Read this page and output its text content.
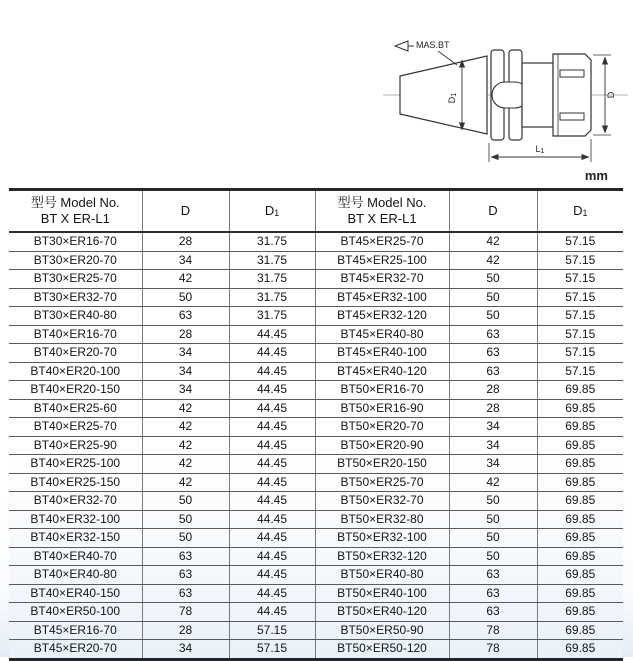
MAS.BT
D1	D
L1
mm
型号 Model No.
BT X ER-L1	D	D1	型号 Model No.
BT X ER-L1	D	D1
BT30×ER16-70	28	31.75	BT45×ER25-70	42	57.15
BT30×ER20-70	34	31.75	BT45×ER25-100	42	57.15
BT30×ER25-70	42	31.75	BT45×ER32-70	50	57.15
BT30×ER32-70	50	31.75	BT45×ER32-100	50	57.15
BT30×ER40-80	63	31.75	BT45×ER32-120	50	57.15
BT40×ER16-70	28	44.45	BT45×ER40-80	63	57.15
BT40×ER20-70	34	44.45	BT45×ER40-100	63	57.15
BT40×ER20-100	34	44.45	BT45×ER40-120	63	57.15
BT40×ER20-150	34	44.45	BT50×ER16-70	28	69.85
BT40×ER25-60	42	44.45	BT50×ER16-90	28	69.85
BT40×ER25-70	42	44.45	BT50×ER20-70	34	69.85
BT40×ER25-90	42	44.45	BT50×ER20-90	34	69.85
BT40×ER25-100	42	44.45	BT50×ER20-150	34	69.85
BT40×ER25-150	42	44.45	BT50×ER25-70	42	69.85
BT40×ER32-70	50	44.45	BT50×ER32-70	50	69.85
BT40×ER32-100	50	44.45	BT50×ER32-80	50	69.85
BT40×ER32-150	50	44.45	BT50×ER32-100	50	69.85
BT40×ER40-70	63	44.45	BT50×ER32-120	50	69.85
BT40×ER40-80	63	44.45	BT50×ER40-80	63	69.85
BT40×ER40-150	63	44.45	BT50×ER40-100	63	69.85
BT40×ER50-100	78	44.45	BT50×ER40-120	63	69.85
BT45×ER16-70	28	57.15	BT50×ER50-90	78	69.85
BT45×ER20-70	34	57.15	BT50×ER50-120	78	69.85
